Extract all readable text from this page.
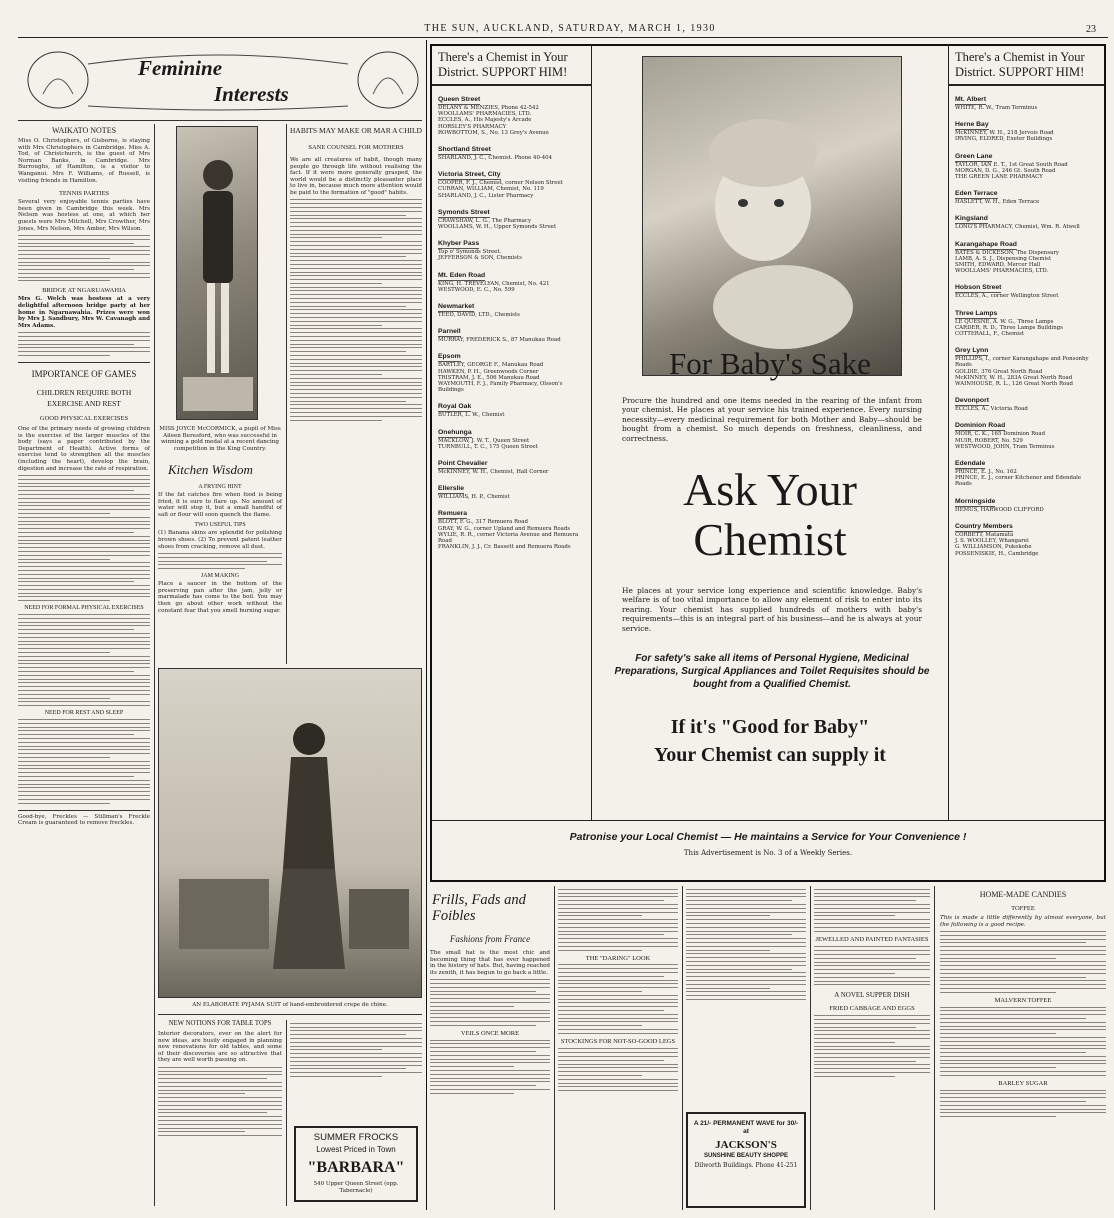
THE SUN, AUCKLAND, SATURDAY, MARCH 1, 1930	23
Feminine
Interests
WAIKATO NOTES

Miss O. Christophers, of Gisborne, is staying with Mrs Christophers in Cambridge. Miss A. Tod, of Christchurch, is the guest of Mrs Norman Banks, in Cambridge. Mrs Burroughs, of Hamilton, is a visitor to Wanganui. Mrs F. Williams, of Russell, is visiting friends in Hamilton.

TENNIS PARTIES

Several very enjoyable tennis parties have been given in Cambridge this week. Mrs Nelson was hostess at one, at which her guests were Mrs Mitchell, Mrs Crowther, Mrs Jones, Mrs Nelson, Mrs Amber, Mrs Wilson.

BRIDGE AT NGARUAWAHIA

Mrs G. Welch was hostess at a very delightful afternoon bridge party at her home in Ngaruawahia. Prizes were won by Mrs J. Sandbury, Mrs W. Cavanagh and Mrs Adams.

IMPORTANCE OF GAMES
CHILDREN REQUIRE BOTH EXERCISE AND REST
GOOD PHYSICAL EXERCISES

One of the primary needs of growing children is the exercise of the larger muscles of the body (says a paper contributed by the Department of Health). Active forms of exercise tend to strengthen all the muscles (including the heart), develop the brain, digestion and increase the rate of respiration.

NEED FOR FORMAL PHYSICAL EXERCISES
NEED FOR REST AND SLEEP

Good-bye, Freckles — Stillman's Freckle Cream is guaranteed to remove freckles.

MISS JOYCE McCORMICK, a pupil of Miss Aileen Beresford, who was successful in winning a gold medal at a recent dancing competition in the King Country.

Kitchen Wisdom
A FRYING HINT

If the fat catches fire when food is being fried, it is sure to flare up. No amount of water will stop it, but a small handful of salt or flour will soon quench the flame.

TWO USEFUL TIPS

(1) Banana skins are splendid for polishing brown shoes. (2) To prevent patent leather shoes from cracking, remove all dust.

JAM MAKING

Place a saucer in the bottom of the preserving pan after the jam, jelly or marmalade has come to the boil. You may then go about other work without the constant fear that you smell burning sugar.

HABITS MAY MAKE OR MAR A CHILD
SANE COUNSEL FOR MOTHERS

We are all creatures of habit, though many people go through life without realising the fact. If it were more generally grasped, the world would be a distinctly pleasanter place to live in, because much more attention would be paid to the formation of "good" habits.

AN ELABORATE PYJAMA SUIT of hand-embroidered crepe de chine.

NEW NOTIONS FOR TABLE TOPS

Interior decorators, ever on the alert for new ideas, are busily engaged in planning new renovations for old tables, and some of their discoveries are so attractive that they are well worth passing on.

SUMMER FROCKS
Lowest Priced in Town
"BARBARA"
540 Upper Queen Street (opp. Tabernacle)
There's a Chemist in Your District. SUPPORT HIM!
Queen Street
DELANY & MENZIES, Phone 42-542
WOOLLAMS' PHARMACIES, LTD.
ECCLES, A., His Majesty's Arcade
HORSLEY'S PHARMACY
ROWBOTTOM, S., No. 13 Grey's Avenue
Shortland Street
SHARLAND, J. C., Chemist. Phone 40-404
Victoria Street, City
COOPER, F. J., Chemist, corner Nelson Street
CURRAN, WILLIAM, Chemist, No. 119
SHARLAND, J. C., Lister Pharmacy
Symonds Street
CRAWSHAW, L. G., The Pharmacy
WOOLLAMS, W. H., Upper Symonds Street
Khyber Pass
Top o' Symonds Street.
JEFFERSON & SON, Chemists
Mt. Eden Road
KING, H. TREVELYAN, Chemist, No. 421
WESTWOOD, E. C., No. 599
Newmarket
TEED, DAVID, LTD., Chemists
Parnell
MURRAY, FREDERICK S., 87 Manukau Road
Epsom
BARTLEY, GEORGE F., Manukau Road
HAWKEN, P. H., Greenwoods Corner
TRISTRAM, J. E., 506 Manukau Road
WAYMOUTH, F. J., Family Pharmacy, Olsson's Buildings
Royal Oak
BUTLER, L. W., Chemist
Onehunga
MACKLOW, J. W. T., Queen Street
TURNBULL, T. C., 175 Queen Street
Point Chevalier
McKINNEY, W. H., Chemist, Hall Corner
Ellerslie
WILLIAMS, H. P., Chemist
Remuera
BLOTT, F. G., 317 Remuera Road
GRAY, W. G., corner Upland and Remuera Roads
WYLIE, R. R., corner Victoria Avenue and Remuera Road
FRANKLIN, J. J., Cr. Bassett and Remuera Roads
For Baby's Sake

Procure the hundred and one items needed in the rearing of the infant from your chemist. He places at your service his trained experience. Every nursing necessity—every medicinal requirement for both Mother and Baby—should be bought from a chemist. So much depends on freshness, cleanliness, and correctness.

Ask Your
Chemist

He places at your service long experience and scientific knowledge. Baby's welfare is of too vital importance to allow any element of risk to enter into its rearing. Your chemist has supplied hundreds of mothers with baby's requirements—this is an integral part of his business—and he is always at your service.

For safety's sake all items of Personal Hygiene, Medicinal Preparations, Surgical Appliances and Toilet Requisites should be bought from a Qualified Chemist.

If it's "Good for Baby"
Your Chemist can supply it
There's a Chemist in Your District. SUPPORT HIM!
Mt. Albert
WHITE, R. W., Tram Terminus
Herne Bay
McKINNEY, W. H., 218 Jervois Road
IRVING, ELDRED, Exeter Buildings
Green Lane
TAYLOR, IAN E. T., 1st Great South Road
MORGAN, D. G., 246 Gt. South Road
THE GREEN LANE PHARMACY
Eden Terrace
HASLETT, W. H., Eden Terrace
Kingsland
LONG'S PHARMACY, Chemist, Wm. R. Atwell
Karangahape Road
BATES & DICKESON, The Dispensary
LAMB, A. S. J., Dispensing Chemist
SMITH, EDWARD, Mercer Hall
WOOLLAMS' PHARMACIES, LTD.
Hobson Street
ECCLES, A., corner Wellington Street
Three Lamps
LE QUESNE, A. W. G., Three Lamps
CARDER, R. D., Three Lamps Buildings
COTTERALL, F., Chemist
Grey Lynn
PHILLIPS, I., corner Karangahape and Ponsonby Roads
GOLDIE, 376 Great North Road
McKINNEY, W. H., 283A Great North Road
WAINHOUSE, R. L., 126 Great North Road
Devonport
ECCLES, A., Victoria Road
Dominion Road
MOIR, C. K., 165 Dominion Road
MUIR, ROBERT, No. 529
WESTWOOD, JOHN, Tram Terminus
Edendale
PRINCE, E. J., No. 162
PRINCE, E. J., corner Kitchener and Edendale Roads
Morningside
HEMUS, HARWOOD CLIFFORD
Country Members
CORBETT, Matamata
J. S. WOOLLEY, Whangarei
G. WILLIAMSON, Pukekohe
POSSENISKIE, H., Cambridge
Patronise your Local Chemist — He maintains a Service for Your Convenience !
This Advertisement is No. 3 of a Weekly Series.
Frills, Fads and Foibles
Fashions from France

The small hat is the most chic and becoming thing that has ever happened in the history of hats. But, having reached its zenith, it has begun to go back a little.

VEILS ONCE MORE
THE "DARING" LOOK
STOCKINGS FOR NOT-SO-GOOD LEGS
A 21/- PERMANENT WAVE for 30/- at
JACKSON'S
SUNSHINE BEAUTY SHOPPE
Dilworth Buildings. Phone 41-251
JEWELLED AND PAINTED FANTASIES
A NOVEL SUPPER DISH
FRIED CABBAGE AND EGGS
HOME-MADE CANDIES
TOFFEE

This is made a little differently by almost everyone, but the following is a good recipe.

MALVERN TOFFEE
BARLEY SUGAR
